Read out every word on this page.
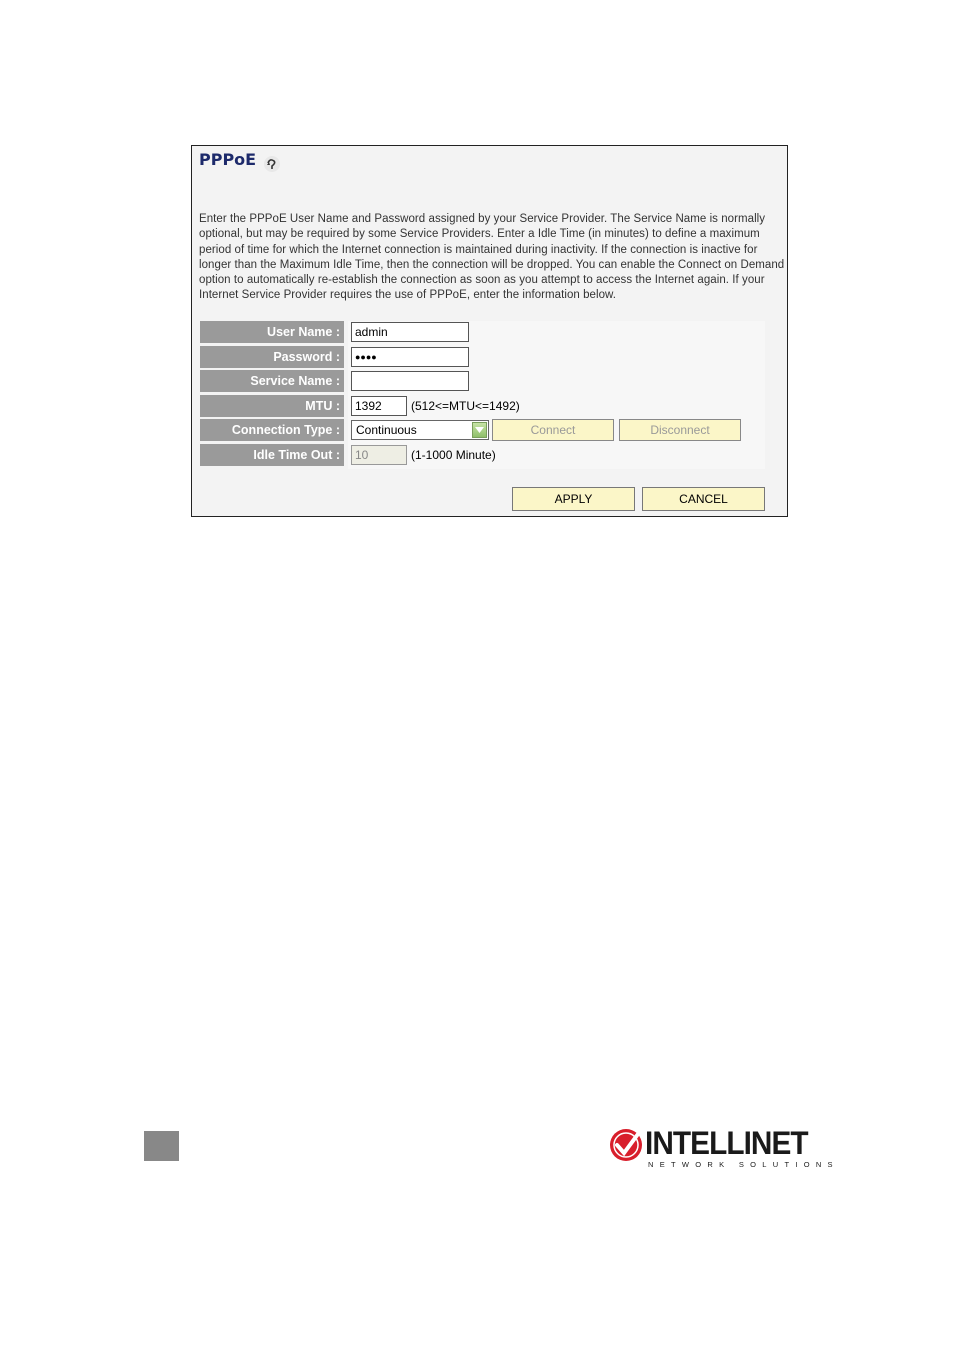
PPPoE
Enter the PPPoE User Name and Password assigned by your Service Provider. The Service Name is normally optional, but may be required by some Service Providers. Enter a Idle Time (in minutes) to define a maximum period of time for which the Internet connection is maintained during inactivity. If the connection is inactive for longer than the Maximum Idle Time, then the connection will be dropped. You can enable the Connect on Demand option to automatically re-establish the connection as soon as you attempt to access the Internet again. If your Internet Service Provider requires the use of PPPoE, enter the information below.
User Name :	admin
Password :	●●●●
Service Name :
MTU :	1392	(512<=MTU<=1492)
Connection Type :	Continuous	Connect	Disconnect
Idle Time Out :	10	(1-1000 Minute)
APPLY	CANCEL
INTELLINET
NETWORK SOLUTIONS
